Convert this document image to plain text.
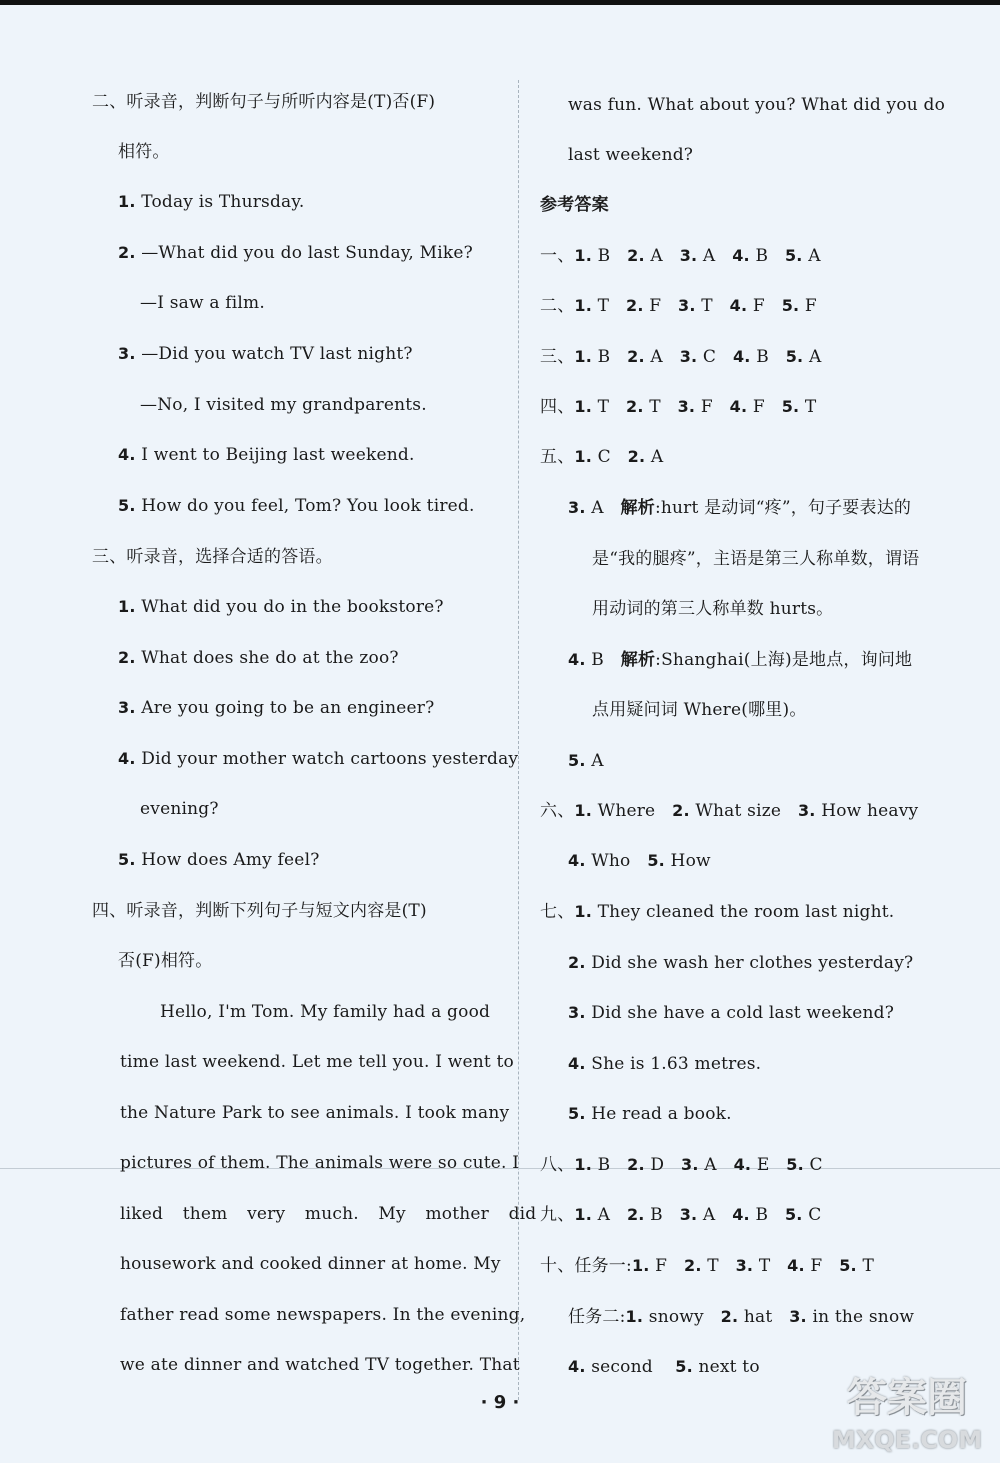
二、听录音，判断句子与所听内容是(T)否(F)
相符。
1. Today is Thursday.
2. —What did you do last Sunday, Mike?
—I saw a film.
3. —Did you watch TV last night?
—No, I visited my grandparents.
4. I went to Beijing last weekend.
5. How do you feel, Tom? You look tired.
三、听录音，选择合适的答语。
1. What did you do in the bookstore?
2. What does she do at the zoo?
3. Are you going to be an engineer?
4. Did your mother watch cartoons yesterday
evening?
5. How does Amy feel?
四、听录音，判断下列句子与短文内容是(T)
否(F)相符。
Hello, I'm Tom. My family had a good
time last weekend. Let me tell you. I went to
the Nature Park to see animals. I took many
pictures of them. The animals were so cute. I
liked them very much. My mother did
housework and cooked dinner at home. My
father read some newspapers. In the evening,
we ate dinner and watched TV together. That
was fun. What about you? What did you do
last weekend?
参考答案
一、1. B 2. A 3. A 4. B 5. A
二、1. T 2. F 3. T 4. F 5. F
三、1. B 2. A 3. C 4. B 5. A
四、1. T 2. T 3. F 4. F 5. T
五、1. C 2. A
3. A 解析:hurt 是动词“疼”，句子要表达的
是“我的腿疼”，主语是第三人称单数，谓语
用动词的第三人称单数 hurts。
4. B 解析:Shanghai(上海)是地点，询问地
点用疑问词 Where(哪里)。
5. A
六、1. Where 2. What size 3. How heavy
4. Who 5. How
七、1. They cleaned the room last night.
2. Did she wash her clothes yesterday?
3. Did she have a cold last weekend?
4. She is 1.63 metres.
5. He read a book.
八、1. B 2. D 3. A 4. E 5. C
九、1. A 2. B 3. A 4. B 5. C
十、任务一:1. F 2. T 3. T 4. F 5. T
任务二:1. snowy 2. hat 3. in the snow
4. second 5. next to
· 9 ·	答案圈
MXQE.COM
